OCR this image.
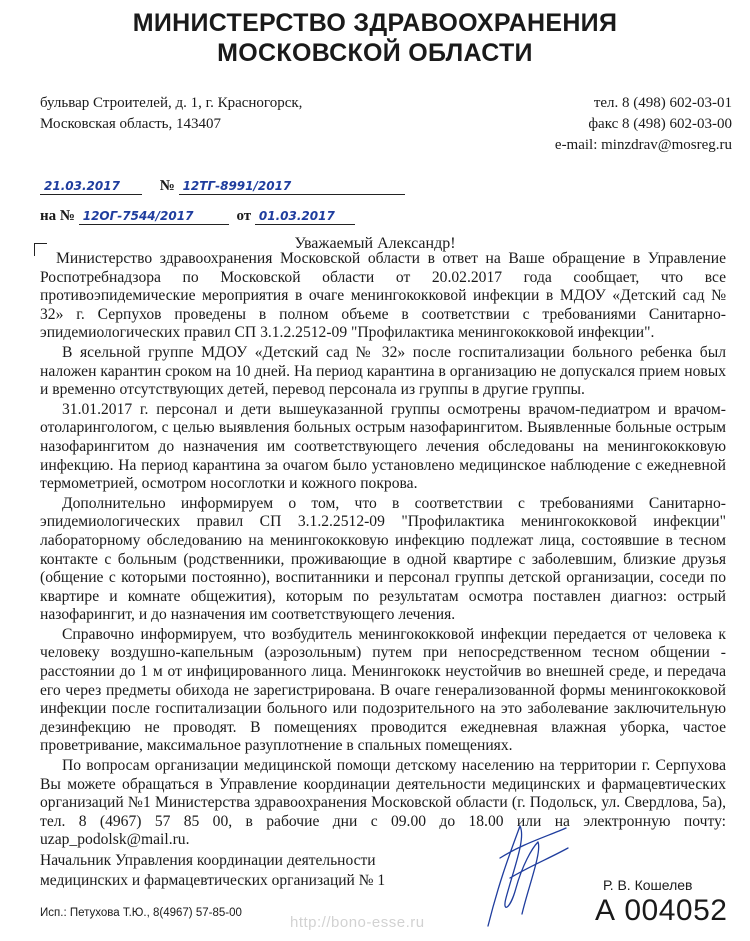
МИНИСТЕРСТВО ЗДРАВООХРАНЕНИЯ
МОСКОВСКОЙ ОБЛАСТИ
бульвар Строителей, д. 1, г. Красногорск,
Московская область, 143407
тел. 8 (498) 602-03-01
факс 8 (498) 602-03-00
e-mail: minzdrav@mosreg.ru
21.03.2017	№ 12ТГ-8991/2017
на № 12ОГ-7544/2017	от 01.03.2017
Уважаемый Александр!

Министерство здравоохранения Московской области в ответ на Ваше обращение в Управление Роспотребнадзора по Московской области от 20.02.2017 года сообщает, что все противоэпидемические мероприятия в очаге менингококковой инфекции в МДОУ «Детский сад № 32» г. Серпухов проведены в полном объеме в соответствии с требованиями Санитарно-эпидемиологических правил СП 3.1.2.2512-09 "Профилактика менингококковой инфекции".

В ясельной группе МДОУ «Детский сад № 32» после госпитализации больного ребенка был наложен карантин сроком на 10 дней. На период карантина в организацию не допускался прием новых и временно отсутствующих детей, перевод персонала из группы в другие группы.

31.01.2017 г. персонал и дети вышеуказанной группы осмотрены врачом-педиатром и врачом-отоларингологом, с целью выявления больных острым назофарингитом. Выявленные больные острым назофарингитом до назначения им соответствующего лечения обследованы на менингококковую инфекцию. На период карантина за очагом было установлено медицинское наблюдение с ежедневной термометрией, осмотром носоглотки и кожного покрова.

Дополнительно информируем о том, что в соответствии с требованиями Санитарно-эпидемиологических правил СП 3.1.2.2512-09 "Профилактика менингококковой инфекции" лабораторному обследованию на менингококковую инфекцию подлежат лица, состоявшие в тесном контакте с больным (родственники, проживающие в одной квартире с заболевшим, близкие друзья (общение с которыми постоянно), воспитанники и персонал группы детской организации, соседи по квартире и комнате общежития), которым по результатам осмотра поставлен диагноз: острый назофарингит, и до назначения им соответствующего лечения.

Справочно информируем, что возбудитель менингококковой инфекции передается от человека к человеку воздушно-капельным (аэрозольным) путем при непосредственном тесном общении - расстоянии до 1 м от инфицированного лица. Менингококк неустойчив во внешней среде, и передача его через предметы обихода не зарегистрирована. В очаге генерализованной формы менингококковой инфекции после госпитализации больного или подозрительного на это заболевание заключительную дезинфекцию не проводят. В помещениях проводится ежедневная влажная уборка, частое проветривание, максимальное разуплотнение в спальных помещениях.

По вопросам организации медицинской помощи детскому населению на территории г. Серпухова Вы можете обращаться в Управление координации деятельности медицинских и фармацевтических организаций №1 Министерства здравоохранения Московской области (г. Подольск, ул. Свердлова, 5а), тел. 8 (4967) 57 85 00, в рабочие дни с 09.00 до 18.00 или на электронную почту: uzap_podolsk@mail.ru.

Начальник Управления координации деятельности
медицинских и фармацевтических организаций № 1	Р. В. Кошелев
А 004052
Исп.: Петухова Т.Ю., 8(4967) 57-85-00
http://bono-esse.ru
